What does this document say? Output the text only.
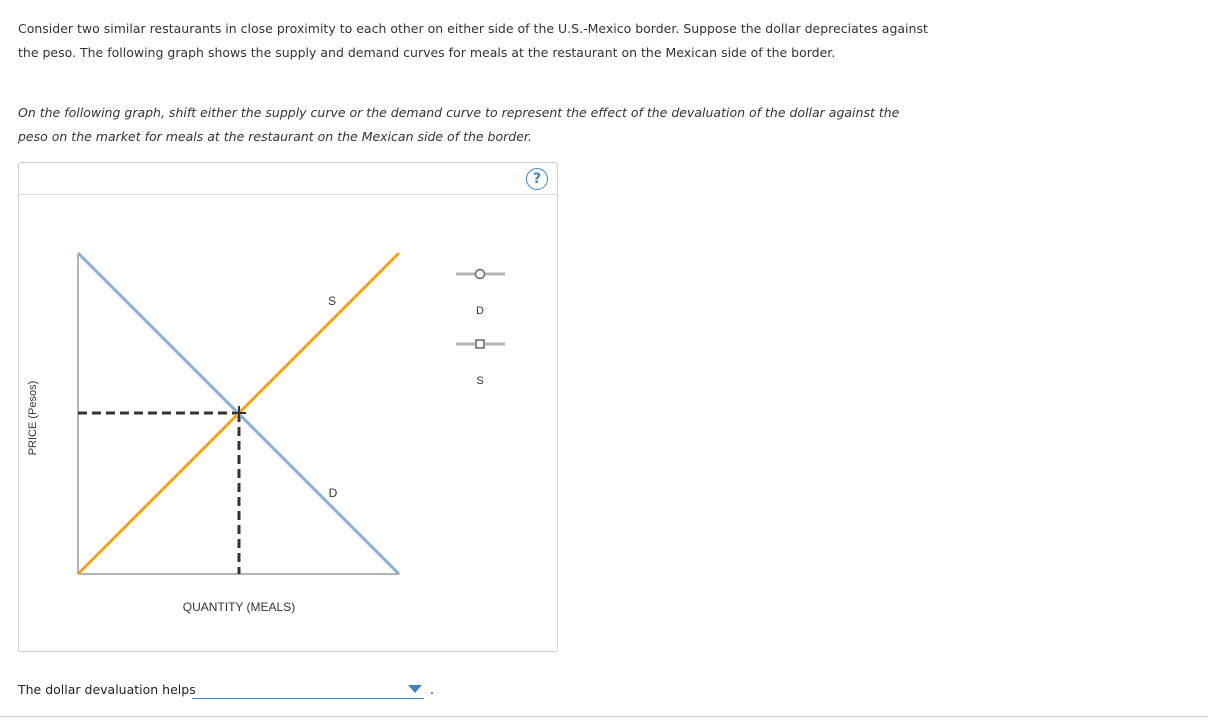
Consider two similar restaurants in close proximity to each other on either side of the U.S.-Mexico border. Suppose the dollar depreciates against the peso. The following graph shows the supply and demand curves for meals at the restaurant on the Mexican side of the border.

On the following graph, shift either the supply curve or the demand curve to represent the effect of the devaluation of the dollar against the peso on the market for meals at the restaurant on the Mexican side of the border.

?
S
D
PRICE (Pesos)
QUANTITY (MEALS)
D
S
The dollar devaluation helps	.
